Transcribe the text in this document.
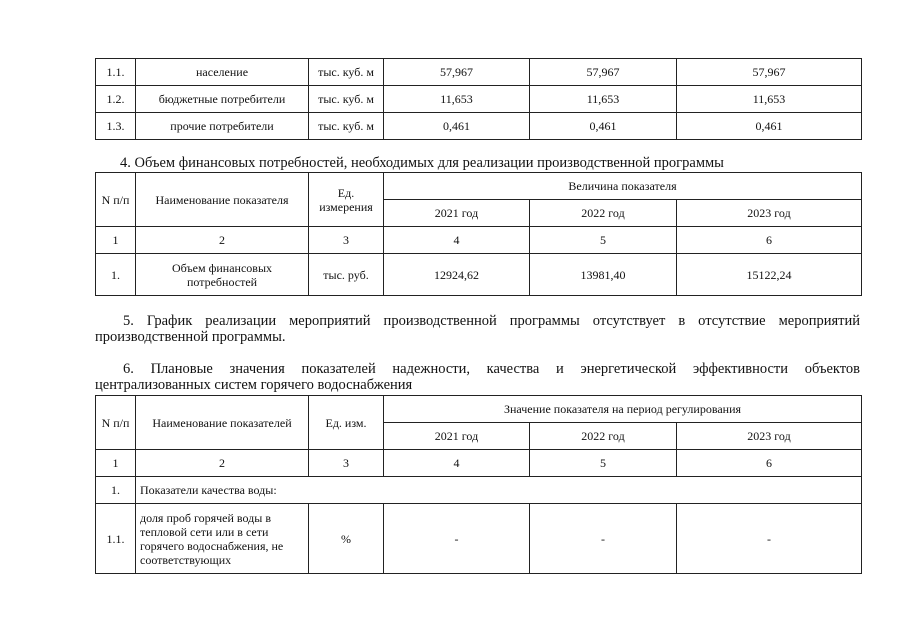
1.1.	население	тыс. куб. м	57,967	57,967	57,967
1.2.	бюджетные потребители	тыс. куб. м	11,653	11,653	11,653
1.3.	прочие потребители	тыс. куб. м	0,461	0,461	0,461

4. Объем финансовых потребностей, необходимых для реализации производственной программы

N п/п	Наименование показателя	Ед. измерения	Величина показателя		
			2021 год	2022 год	2023 год
1	2	3	4	5	6
1.	Объем финансовых потребностей	тыс. руб.	12924,62	13981,40	15122,24

5. График реализации мероприятий производственной программы отсутствует в отсутствие мероприятий

производственной программы.

6. Плановые значения показателей надежности, качества и энергетической эффективности объектов

централизованных систем горячего водоснабжения

N п/п	Наименование показателей	Ед. изм.	Значение показателя на период регулирования		
			2021 год	2022 год	2023 год
1	2	3	4	5	6
1.	Показатели качества воды:				
1.1.	доля проб горячей воды в тепловой сети или в сети горячего водоснабжения, не соответствующих	%	-	-	-
